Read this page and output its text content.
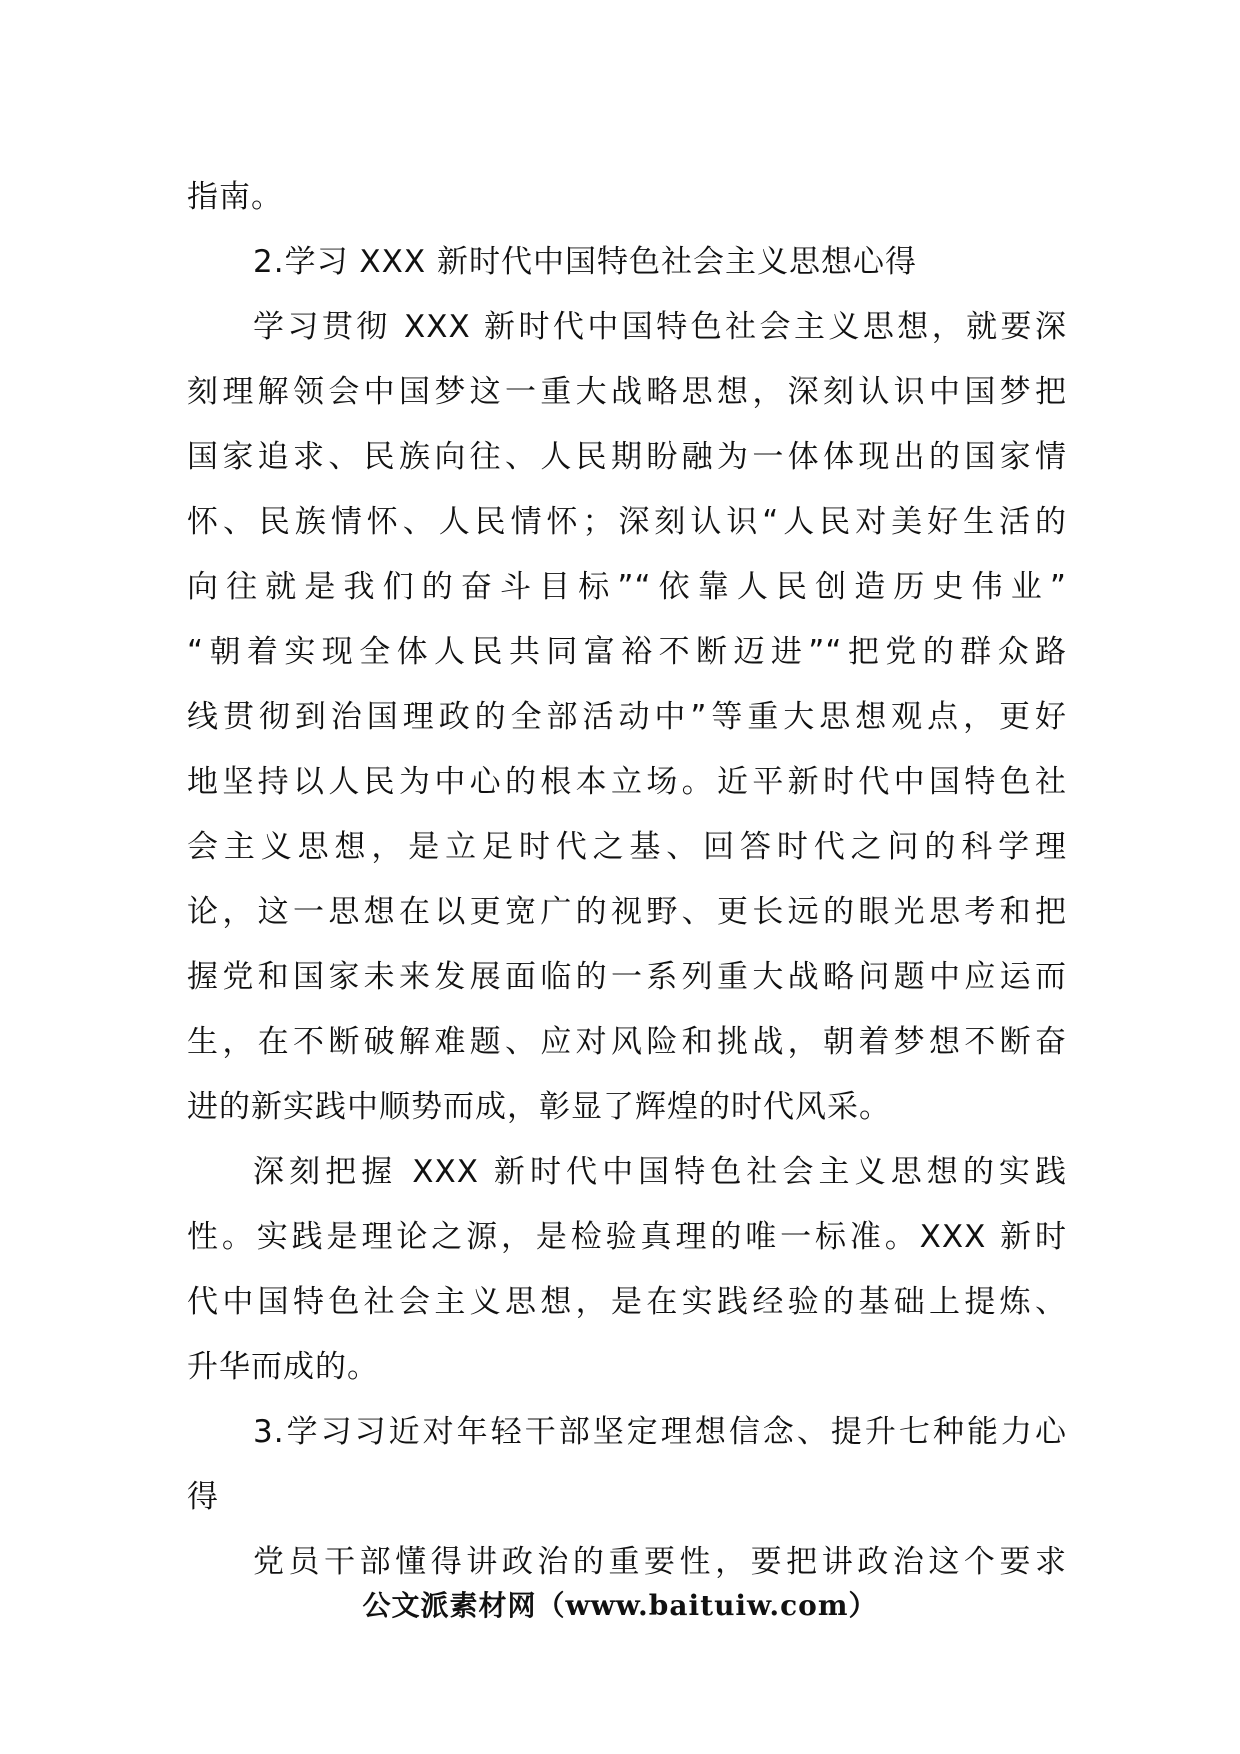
指南。
2.学习 XXX 新时代中国特色社会主义思想心得
学习贯彻 XXX 新时代中国特色社会主义思想，就要深
刻理解领会中国梦这一重大战略思想，深刻认识中国梦把
国家追求、民族向往、人民期盼融为一体体现出的国家情
怀、民族情怀、人民情怀；深刻认识“人民对美好生活的
向往就是我们的奋斗目标”“依靠人民创造历史伟业”
“朝着实现全体人民共同富裕不断迈进”“把党的群众路
线贯彻到治国理政的全部活动中”等重大思想观点，更好
地坚持以人民为中心的根本立场。近平新时代中国特色社
会主义思想，是立足时代之基、回答时代之问的科学理
论，这一思想在以更宽广的视野、更长远的眼光思考和把
握党和国家未来发展面临的一系列重大战略问题中应运而
生，在不断破解难题、应对风险和挑战，朝着梦想不断奋
进的新实践中顺势而成，彰显了辉煌的时代风采。
深刻把握 XXX 新时代中国特色社会主义思想的实践
性。实践是理论之源，是检验真理的唯一标准。XXX 新时
代中国特色社会主义思想，是在实践经验的基础上提炼、
升华而成的。
3.学习习近对年轻干部坚定理想信念、提升七种能力心
得
党员干部懂得讲政治的重要性，要把讲政治这个要求
公文派素材网（www.baituiw.com）
